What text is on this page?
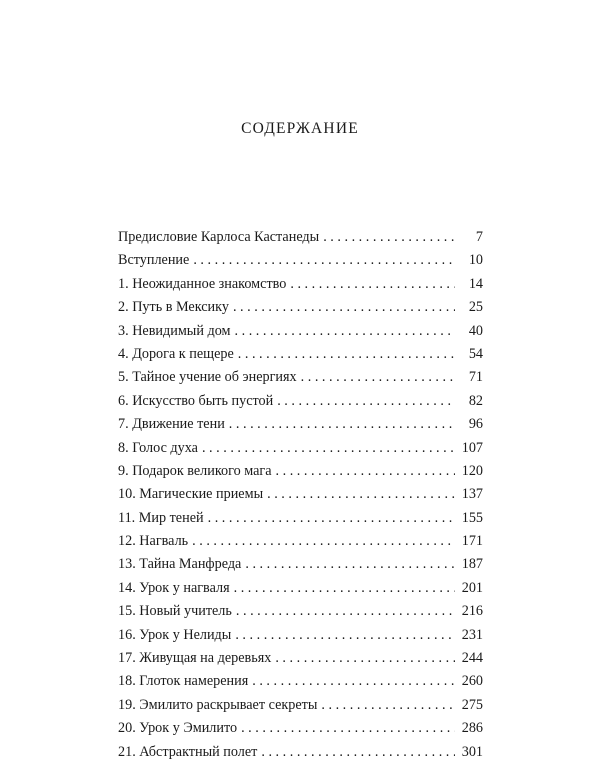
СОДЕРЖАНИЕ
Предисловие Карлоса Кастанеды . . .	7
Вступление . . .	10
1. Неожиданное знакомство . . .	14
2. Путь в Мексику . . .	25
3. Невидимый дом . . .	40
4. Дорога к пещере . . .	54
5. Тайное учение об энергиях . . .	71
6. Искусство быть пустой . . .	82
7. Движение тени . . .	96
8. Голос духа . . .	107
9. Подарок великого мага . . .	120
10. Магические приемы . . .	137
11. Мир теней . . .	155
12. Нагваль . . .	171
13. Тайна Манфреда . . .	187
14. Урок у нагваля . . .	201
15. Новый учитель . . .	216
16. Урок у Нелиды . . .	231
17. Живущая на деревьях . . .	244
18. Глоток намерения . . .	260
19. Эмилито раскрывает секреты . . .	275
20. Урок у Эмилито . . .	286
21. Абстрактный полет . . .	301
